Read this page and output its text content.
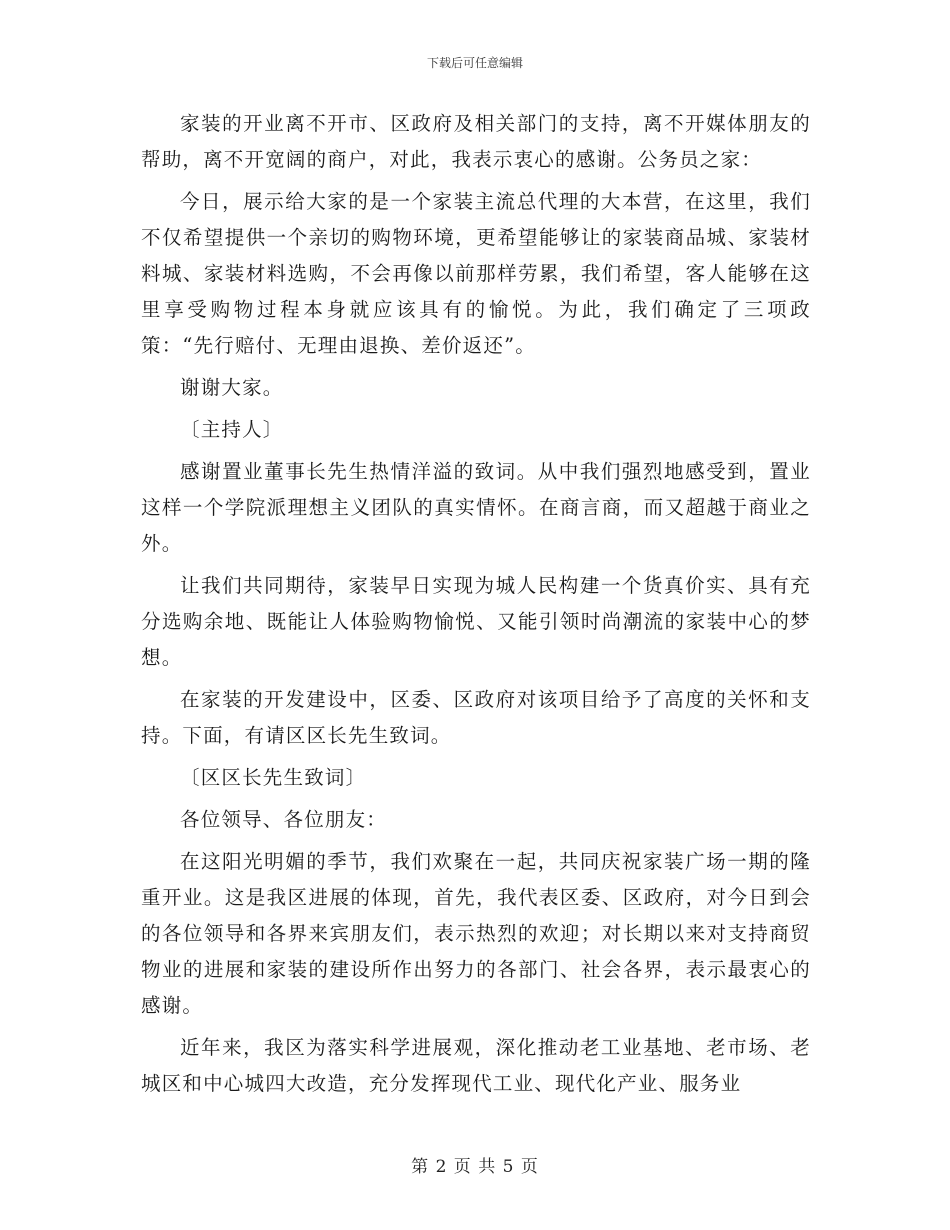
下载后可任意编辑

家装的开业离不开市、区政府及相关部门的支持，离不开媒体朋友的帮助，离不开宽阔的商户，对此，我表示衷心的感谢。公务员之家：

今日，展示给大家的是一个家装主流总代理的大本营，在这里，我们不仅希望提供一个亲切的购物环境，更希望能够让的家装商品城、家装材料城、家装材料选购，不会再像以前那样劳累，我们希望，客人能够在这里享受购物过程本身就应该具有的愉悦。为此，我们确定了三项政策：“先行赔付、无理由退换、差价返还”。

谢谢大家。

〔主持人〕

感谢置业董事长先生热情洋溢的致词。从中我们强烈地感受到，置业这样一个学院派理想主义团队的真实情怀。在商言商，而又超越于商业之外。

让我们共同期待，家装早日实现为城人民构建一个货真价实、具有充分选购余地、既能让人体验购物愉悦、又能引领时尚潮流的家装中心的梦想。

在家装的开发建设中，区委、区政府对该项目给予了高度的关怀和支持。下面，有请区区长先生致词。

〔区区长先生致词〕

各位领导、各位朋友：

在这阳光明媚的季节，我们欢聚在一起，共同庆祝家装广场一期的隆重开业。这是我区进展的体现，首先，我代表区委、区政府，对今日到会的各位领导和各界来宾朋友们，表示热烈的欢迎；对长期以来对支持商贸物业的进展和家装的建设所作出努力的各部门、社会各界，表示最衷心的感谢。

近年来，我区为落实科学进展观，深化推动老工业基地、老市场、老城区和中心城四大改造，充分发挥现代工业、现代化产业、服务业

第 2 页 共 5 页
